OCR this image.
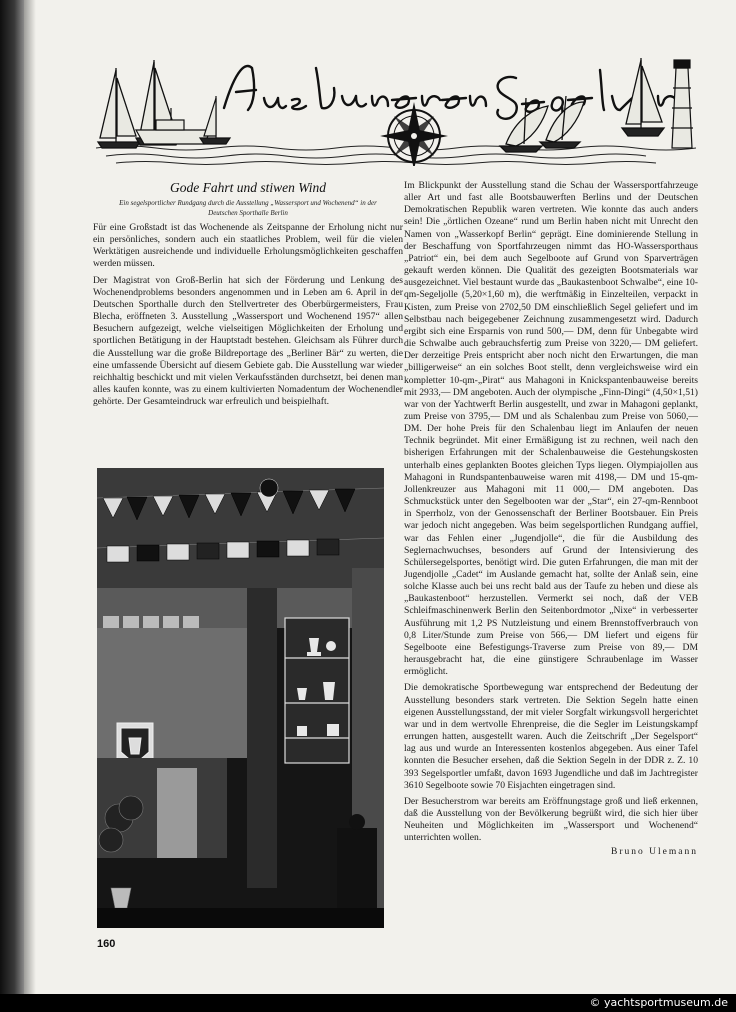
Gode Fahrt und stiwen Wind
Ein segelsportlicher Rundgang durch die Ausstellung „Wassersport und Wochenend“ in der Deutschen Sporthalle Berlin

Für eine Großstadt ist das Wochenende als Zeitspanne der Erholung nicht nur ein persönliches, sondern auch ein staatliches Problem, weil für die vielen Werktätigen ausreichende und individuelle Erholungsmöglichkeiten geschaffen werden müssen.

Der Magistrat von Groß-Berlin hat sich der Förderung und Lenkung des Wochenendproblems besonders angenommen und in Leben am 6. April in der Deutschen Sporthalle durch den Stellvertreter des Oberbürgermeisters, Frau Blecha, eröffneten 3. Ausstellung „Wassersport und Wochenend 1957“ allen Besuchern aufgezeigt, welche vielseitigen Möglichkeiten der Erholung und sportlichen Betätigung in der Hauptstadt bestehen. Gleichsam als Führer durch die Ausstellung war die große Bildreportage des „Berliner Bär“ zu werten, die eine umfassende Übersicht auf diesem Gebiete gab. Die Ausstellung war wieder reichhaltig beschickt und mit vielen Verkaufsständen durchsetzt, bei denen man alles kaufen konnte, was zu einem kultivierten Nomadentum der Wochenendler gehörte. Der Gesamteindruck war erfreulich und beispielhaft.

Im Blickpunkt der Ausstellung stand die Schau der Wassersportfahrzeuge aller Art und fast alle Bootsbauwerften Berlins und der Deutschen Demokratischen Republik waren vertreten. Wie konnte das auch anders sein! Die „örtlichen Ozeane“ rund um Berlin haben nicht mit Unrecht den Namen von „Wasserkopf Berlin“ geprägt. Eine dominierende Stellung in der Beschaffung von Sportfahrzeugen nimmt das HO-Wassersporthaus „Patriot“ ein, bei dem auch Segelboote auf Grund von Sparverträgen gekauft werden können. Die Qualität des gezeigten Bootsmaterials war ausgezeichnet. Viel bestaunt wurde das „Baukastenboot Schwalbe“, eine 10-qm-Segeljolle (5,20×1,60 m), die werftmäßig in Einzelteilen, verpackt in Kisten, zum Preise von 2702,50 DM einschließlich Segel geliefert und im Selbstbau nach beigegebener Zeichnung zusammengesetzt wird. Dadurch ergibt sich eine Ersparnis von rund 500,— DM, denn für Unbegabte wird die Schwalbe auch gebrauchsfertig zum Preise von 3220,— DM geliefert. Der derzeitige Preis entspricht aber noch nicht den Erwartungen, die man „billigerweise“ an ein solches Boot stellt, denn vergleichsweise wird ein kompletter 10-qm-„Pirat“ aus Mahagoni in Knickspantenbauweise bereits mit 2933,— DM angeboten. Auch der olympische „Finn-Dingi“ (4,50×1,51) war von der Yachtwerft Berlin ausgestellt, und zwar in Mahagoni geplankt, zum Preise von 3795,— DM und als Schalenbau zum Preise von 5060,— DM. Der hohe Preis für den Schalenbau liegt im Anlaufen der neuen Technik begründet. Mit einer Ermäßigung ist zu rechnen, weil nach den bisherigen Erfahrungen mit der Schalenbauweise die Gestehungskosten unterhalb eines geplankten Bootes gleichen Typs liegen. Olympiajollen aus Mahagoni in Rundspantenbauweise waren mit 4198,— DM und 15-qm-Jollenkreuzer aus Mahagoni mit 11 000,— DM angeboten. Das Schmuckstück unter den Segelbooten war der „Star“, ein 27-qm-Rennboot in Sperrholz, von der Genossenschaft der Berliner Bootsbauer. Ein Preis war jedoch nicht angegeben. Was beim segelsportlichen Rundgang auffiel, war das Fehlen einer „Jugendjolle“, die für die Ausbildung des Seglernachwuchses, besonders auf Grund der Intensivierung des Schülersegelsportes, benötigt wird. Die guten Erfahrungen, die man mit der Jugendjolle „Cadet“ im Auslande gemacht hat, sollte der Anlaß sein, eine solche Klasse auch bei uns recht bald aus der Taufe zu heben und diese als „Baukastenboot“ herzustellen. Vermerkt sei noch, daß der VEB Schleifmaschinenwerk Berlin den Seitenbordmotor „Nixe“ in verbesserter Ausführung mit 1,2 PS Nutzleistung und einem Brennstoffverbrauch von 0,8 Liter/Stunde zum Preise von 566,— DM liefert und eigens für Segelboote eine Befestigungs-Traverse zum Preise von 89,— DM herausgebracht hat, die eine günstigere Schraubenlage im Wasser ermöglicht.

Die demokratische Sportbewegung war entsprechend der Bedeutung der Ausstellung besonders stark vertreten. Die Sektion Segeln hatte einen eigenen Ausstellungsstand, der mit vieler Sorgfalt wirkungsvoll hergerichtet war und in dem wertvolle Ehrenpreise, die die Segler im Leistungskampf errungen hatten, ausgestellt waren. Auch die Zeitschrift „Der Segelsport“ lag aus und wurde an Interessenten kostenlos abgegeben. Aus einer Tafel konnten die Besucher ersehen, daß die Sektion Segeln in der DDR z. Z. 10 393 Segelsportler umfaßt, davon 1693 Jugendliche und daß im Jachtregister 3610 Segelboote sowie 70 Eisjachten eingetragen sind.

Der Besucherstrom war bereits am Eröffnungstage groß und ließ erkennen, daß die Ausstellung von der Bevölkerung begrüßt wird, die sich hier über Neuheiten und Möglichkeiten im „Wassersport und Wochenend“ unterrichten wollen.

Bruno Ulemann
160
© yachtsportmuseum.de
